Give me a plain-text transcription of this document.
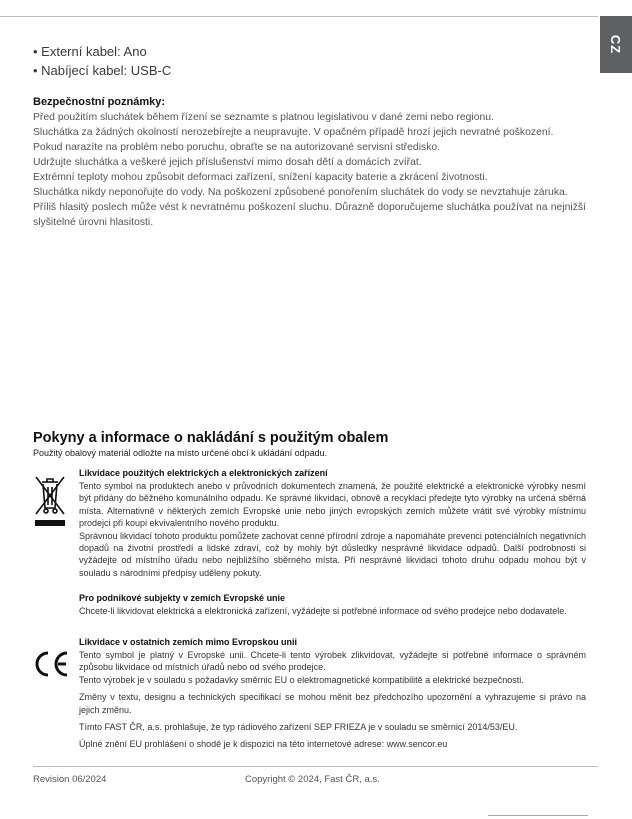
CZ
• Externí kabel: Ano
• Nabíjecí kabel: USB-C
Bezpečnostní poznámky:

Před použitím sluchátek během řízení se seznamte s platnou legislativou v dané zemi nebo regionu.

Sluchátka za žádných okolností nerozebírejte a neupravujte. V opačném případě hrozí jejich nevratné poškození.

Pokud narazíte na problém nebo poruchu, obraťte se na autorizované servisní středisko.

Udržujte sluchátka a veškeré jejich příslušenství mimo dosah dětí a domácích zvířat.

Extrémní teploty mohou způsobit deformaci zařízení, snížení kapacity baterie a zkrácení životnosti.

Sluchátka nikdy neponořujte do vody. Na poškození způsobené ponořením sluchátek do vody se nevztahuje záruka.

Příliš hlasitý poslech může vést k nevratnému poškození sluchu. Důrazně doporučujeme sluchátka používat na nejnižší slyšitelné úrovni hlasitosti.

Pokyny a informace o nakládání s použitým obalem

Použitý obalový materiál odložte na místo určené obcí k ukládání odpadu.

Likvidace použitých elektrických a elektronických zařízení

Tento symbol na produktech anebo v průvodních dokumentech znamená, že použité elektrické a elektronické výrobky nesmí být přidány do běžného komunálního odpadu. Ke správné likvidaci, obnově a recyklaci předejte tyto výrobky na určená sběrná místa. Alternativně v některých zemích Evropské unie nebo jiných evropských zemích můžete vrátit své výrobky místnímu prodejci při koupi ekvivalentního nového produktu.

Správnou likvidací tohoto produktu pomůžete zachovat cenné přírodní zdroje a napomáháte prevenci potenciálních negativních dopadů na životní prostředí a lidské zdraví, což by mohly být důsledky nesprávné likvidace odpadů. Další podrobnosti si vyžádejte od místního úřadu nebo nejbližšího sběrného místa. Při nesprávné likvidaci tohoto druhu odpadu mohou být v souladu s národními předpisy uděleny pokuty.

Pro podnikové subjekty v zemích Evropské unie

Chcete-li likvidovat elektrická a elektronická zařízení, vyžádejte si potřebné informace od svého prodejce nebo dodavatele.

Likvidace v ostatních zemích mimo Evropskou unii

Tento symbol je platný v Evropské unii. Chcete-li tento výrobek zlikvidovat, vyžádejte si potřebné informace o správném způsobu likvidace od místních úřadů nebo od svého prodejce.

Tento výrobek je v souladu s požadavky směrnic EU o elektromagnetické kompatibilitě a elektrické bezpečnosti.

Změny v textu, designu a technických specifikací se mohou měnit bez předchozího upozornění a vyhrazujeme si právo na jejich změnu.

Tímto FAST ČR, a.s. prohlašuje, že typ rádiového zařízení SEP FRIEZA je v souladu se směrnicí 2014/53/EU.

Úplné znění EU prohlášení o shodě je k dispozici na této internetové adrese: www.sencor.eu

Revision 06/2024	Copyright © 2024, Fast ČR, a.s.
